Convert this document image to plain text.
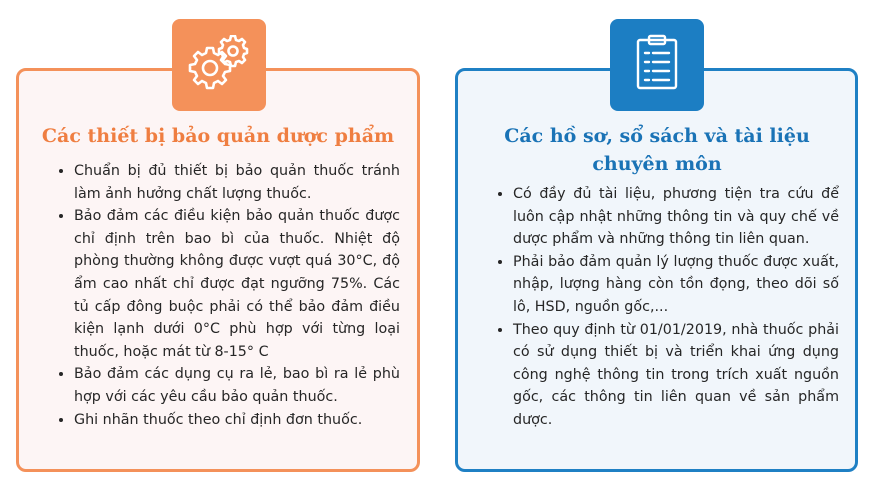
Các thiết bị bảo quản dược phẩm
• Chuẩn bị đủ thiết bị bảo quản thuốc tránh làm ảnh hưởng chất lượng thuốc.
• Bảo đảm các điều kiện bảo quản thuốc được chỉ định trên bao bì của thuốc. Nhiệt độ phòng thường không được vượt quá 30°C, độ ẩm cao nhất chỉ được đạt ngưỡng 75%. Các tủ cấp đông buộc phải có thể bảo đảm điều kiện lạnh dưới 0°C phù hợp với từng loại thuốc, hoặc mát từ 8-15° C
• Bảo đảm các dụng cụ ra lẻ, bao bì ra lẻ phù hợp với các yêu cầu bảo quản thuốc.
• Ghi nhãn thuốc theo chỉ định đơn thuốc.
Các hồ sơ, sổ sách và tài liệu chuyên môn
• Có đầy đủ tài liệu, phương tiện tra cứu để luôn cập nhật những thông tin và quy chế về dược phẩm và những thông tin liên quan.
• Phải bảo đảm quản lý lượng thuốc được xuất, nhập, lượng hàng còn tồn đọng, theo dõi số lô, HSD, nguồn gốc,...
• Theo quy định từ 01/01/2019, nhà thuốc phải có sử dụng thiết bị và triển khai ứng dụng công nghệ thông tin trong trích xuất nguồn gốc, các thông tin liên quan về sản phẩm dược.
